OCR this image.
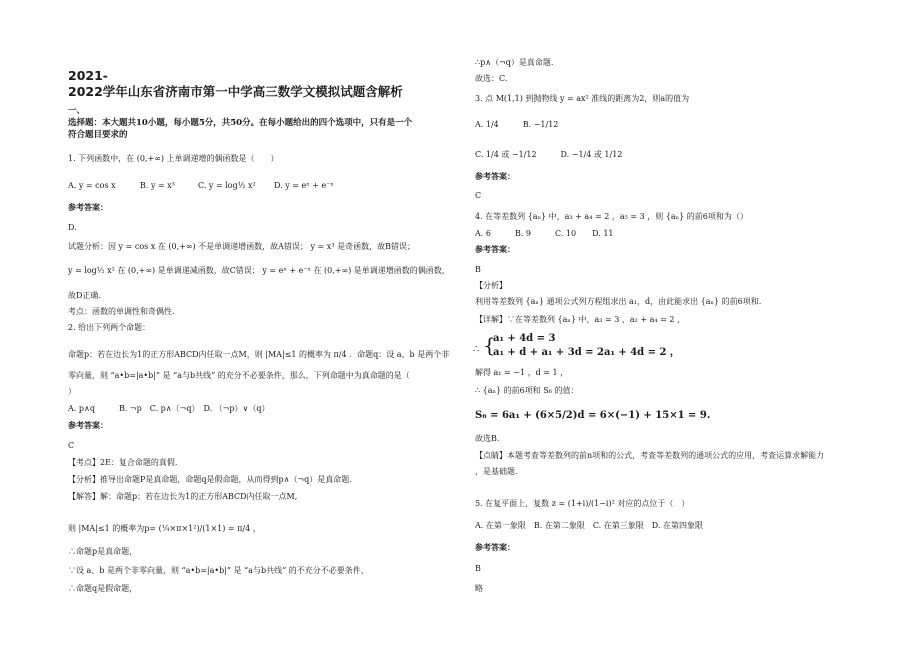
2021-
2022学年山东省济南市第一中学高三数学文模拟试题含解析
一、
选择题：本大题共10小题，每小题5分，共50分。在每小题给出的四个选项中，只有是一个
符合题目要求的
1. 下列函数中，在 (0,+∞) 上单调递增的偶函数是（　　）
A. y = cos x	B. y = x³	C. y = log½ x² D. y = eˣ + e⁻ˣ
参考答案：
D.
试题分析：因 y = cos x 在 (0,+∞) 不是单调递增函数，故A错误； y = x³ 是奇函数，故B错误；
y = log½ x² 在 (0,+∞) 是单调递减函数，故C错误； y = eˣ + e⁻ˣ 在 (0,+∞) 是单调递增函数的偶函数，
故D正确.
考点：函数的单调性和奇偶性.
2. 给出下列两个命题：
命题p：若在边长为1的正方形ABCD内任取一点M，则 |MA|≤1 的概率为 π/4 ．命题q：设 a、b 是两个非
零向量，则 “a•b=|a•b|” 是 “a与b共线” 的充分不必要条件，那么，下列命题中为真命题的是（
）
A. p∧q　　　B. ¬p　C. p∧（¬q）　D. （¬p）∨（q）
参考答案：
C
【考点】2E：复合命题的真假.
【分析】推导出命题P是真命题，命题q是假命题，从而得到p∧（¬q）是真命题.
【解答】解：命题p：若在边长为1的正方形ABCD内任取一点M,
则 |MA|≤1 的概率为p= (¼×π×1²)/(1×1) = π/4 ，
∴命题p是真命题，
∵设 a、b 是两个非零向量，则 “a•b=|a•b|” 是 “a与b共线” 的不充分不必要条件，
∴命题q是假命题，
∴p∧（¬q）是真命题.
故选：C.
3. 点 M(1,1) 到抛物线 y = ax² 准线的距离为2，则a的值为
A. 1/4　　　B. −1/12
C. 1/4 或 −1/12　　　D. −1/4 或 1/12
参考答案：
C
4. 在等差数列 {aₙ} 中，a₃ + a₄ = 2 ，a₅ = 3 ，则 {aₙ} 的前6项和为（）
A. 6　　　B. 9　　　C. 10　　D. 11
参考答案：
B
【分析】
利用等差数列 {aₙ} 通项公式列方程组求出 a₁，d，由此能求出 {aₙ} 的前6项和.
【详解】∵在等差数列 {aₙ} 中，a₃ = 3 ，a₂ + a₄ = 2 ，
∴ {
a₁ + 4d = 3
a₁ + d + a₁ + 3d = 2a₁ + 4d = 2 ，
解得 a₁ = −1 ，d = 1 ，
∴ {aₙ} 的前6项和 S₆ 的值：
S₆ = 6a₁ + (6×5/2)d = 6×(−1) + 15×1 = 9.
故选B.
【点睛】本题考查等差数列的前n项和的公式，考查等差数列的通项公式的应用，考查运算求解能力
，是基础题.
5. 在复平面上，复数 z = (1+i)/(1−i)² 对应的点位于（　）
A. 在第一象限　B. 在第二象限　C. 在第三象限　D. 在第四象限
参考答案：
B
略
